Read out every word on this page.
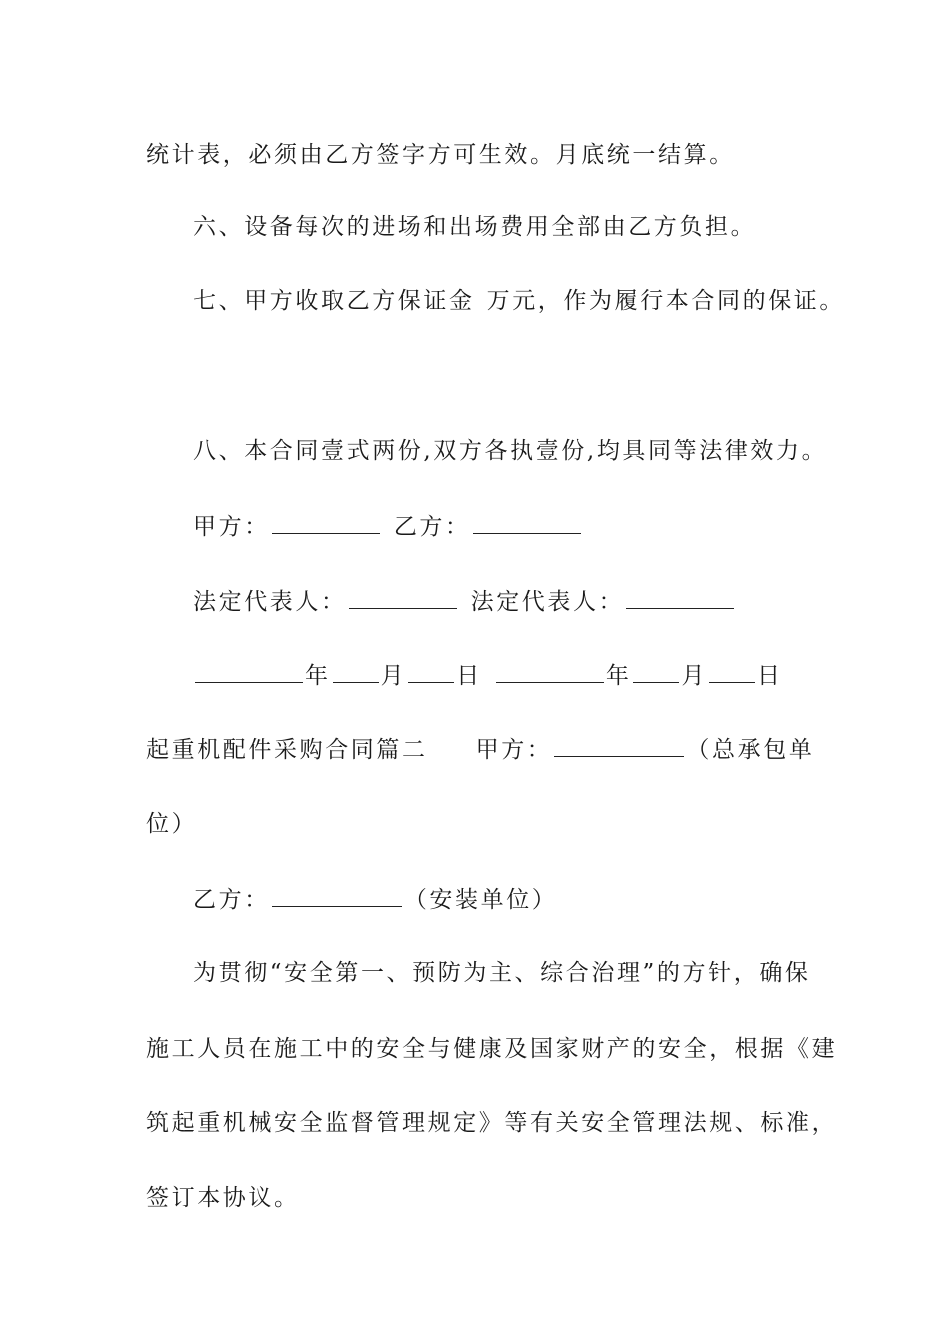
统计表，必须由乙方签字方可生效。月底统一结算。
六、设备每次的进场和出场费用全部由乙方负担。
七、甲方收取乙方保证金 万元，作为履行本合同的保证。
八、本合同壹式两份,双方各执壹份,均具同等法律效力。
甲方：	乙方：
法定代表人：	法定代表人：
年 月 日	年 月 日
起重机配件采购合同篇二 甲方：	（总承包单
位）
乙方：	（安装单位）
为贯彻“安全第一、预防为主、综合治理”的方针，确保
施工人员在施工中的安全与健康及国家财产的安全，根据《建
筑起重机械安全监督管理规定》等有关安全管理法规、标准，
签订本协议。
